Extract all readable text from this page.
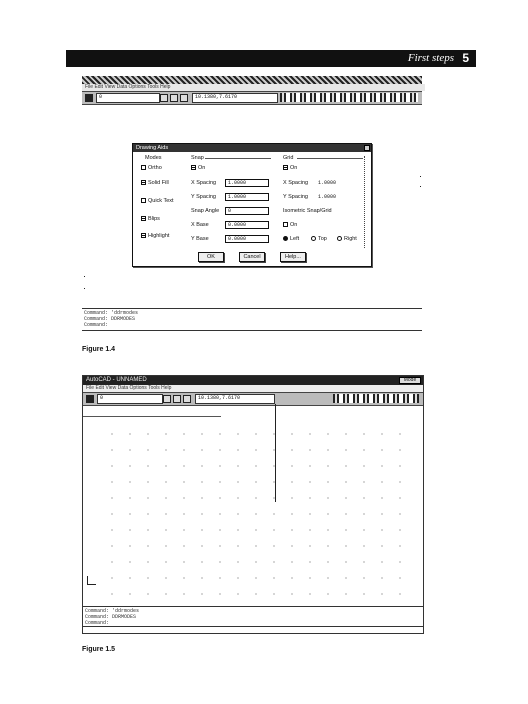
First steps 5
File Edit View Data Options Tools Help
0	10.1380,7.6170
Command: 'ddrmodes
Command: DDRMODES
Command:
Drawing Aids
Modes
Ortho
Solid Fill
Quick Text
Blips
Highlight
Snap
On
X Spacing	1.0000
Y Spacing	1.0000
Snap Angle	0
X Base	0.0000
Y Base	0.0000
Grid
On
X Spacing	1.0000
Y Spacing	1.0000
Isometric Snap/Grid
On
Left	Top	Right
OK	Cancel	Help...
Figure 1.4
AutoCAD - UNNAMED	Mode
File Edit View Data Options Tools Help
0	10.1380,7.6170
Command: 'ddrmodes
Command: DDRMODES
Command:
Figure 1.5
